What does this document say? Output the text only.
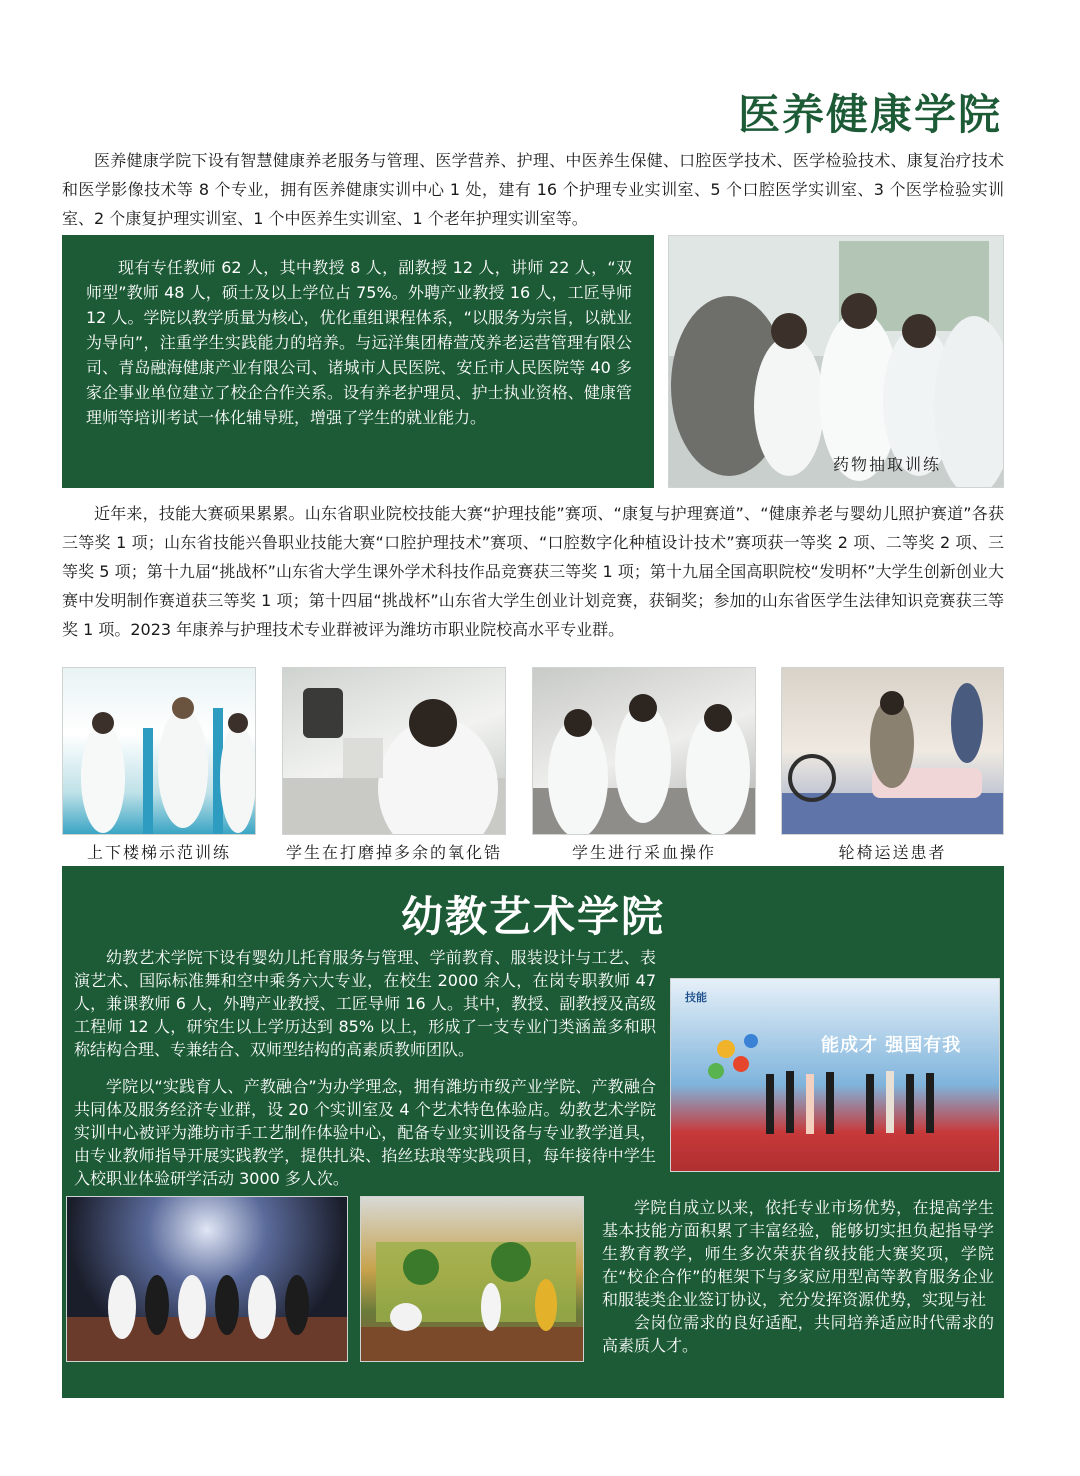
医养健康学院

医养健康学院下设有智慧健康养老服务与管理、医学营养、护理、中医养生保健、口腔医学技术、医学检验技术、康复治疗技术和医学影像技术等 8 个专业，拥有医养健康实训中心 1 处，建有 16 个护理专业实训室、5 个口腔医学实训室、3 个医学检验实训室、2 个康复护理实训室、1 个中医养生实训室、1 个老年护理实训室等。

现有专任教师 62 人，其中教授 8 人，副教授 12 人，讲师 22 人，“双师型”教师 48 人，硕士及以上学位占 75%。外聘产业教授 16 人，工匠导师 12 人。学院以教学质量为核心，优化重组课程体系，“以服务为宗旨，以就业为导向”，注重学生实践能力的培养。与远洋集团椿萱茂养老运营管理有限公司、青岛融海健康产业有限公司、诸城市人民医院、安丘市人民医院等 40 多家企事业单位建立了校企合作关系。设有养老护理员、护士执业资格、健康管理师等培训考试一体化辅导班，增强了学生的就业能力。

药物抽取训练

近年来，技能大赛硕果累累。山东省职业院校技能大赛“护理技能”赛项、“康复与护理赛道”、“健康养老与婴幼儿照护赛道”各获三等奖 1 项；山东省技能兴鲁职业技能大赛“口腔护理技术”赛项、“口腔数字化种植设计技术”赛项获一等奖 2 项、二等奖 2 项、三等奖 5 项；第十九届“挑战杯”山东省大学生课外学术科技作品竞赛获三等奖 1 项；第十九届全国高职院校“发明杯”大学生创新创业大赛中发明制作赛道获三等奖 1 项；第十四届“挑战杯”山东省大学生创业计划竞赛，获铜奖；参加的山东省医学生法律知识竞赛获三等奖 1 项。2023 年康养与护理技术专业群被评为潍坊市职业院校高水平专业群。

上下楼梯示范训练	学生在打磨掉多余的氧化锆	学生进行采血操作	轮椅运送患者
幼教艺术学院

幼教艺术学院下设有婴幼儿托育服务与管理、学前教育、服装设计与工艺、表演艺术、国际标准舞和空中乘务六大专业，在校生 2000 余人，在岗专职教师 47 人，兼课教师 6 人，外聘产业教授、工匠导师 16 人。其中，教授、副教授及高级工程师 12 人，研究生以上学历达到 85% 以上，形成了一支专业门类涵盖多和职称结构合理、专兼结合、双师型结构的高素质教师团队。

学院以“实践育人、产教融合”为办学理念，拥有潍坊市级产业学院、产教融合共同体及服务经济专业群，设 20 个实训室及 4 个艺术特色体验店。幼教艺术学院实训中心被评为潍坊市手工艺制作体验中心，配备专业实训设备与专业教学道具，由专业教师指导开展实践教学，提供扎染、掐丝珐琅等实践项目，每年接待中学生入校职业体验研学活动 3000 多人次。

技能
能成才 强国有我

学院自成立以来，依托专业市场优势，在提高学生基本技能方面积累了丰富经验，能够切实担负起指导学生教育教学，师生多次荣获省级技能大赛奖项，学院在“校企合作”的框架下与多家应用型高等教育服务企业和服装类企业签订协议，充分发挥资源优势，实现与社

会岗位需求的良好适配，共同培养适应时代需求的高素质人才。
